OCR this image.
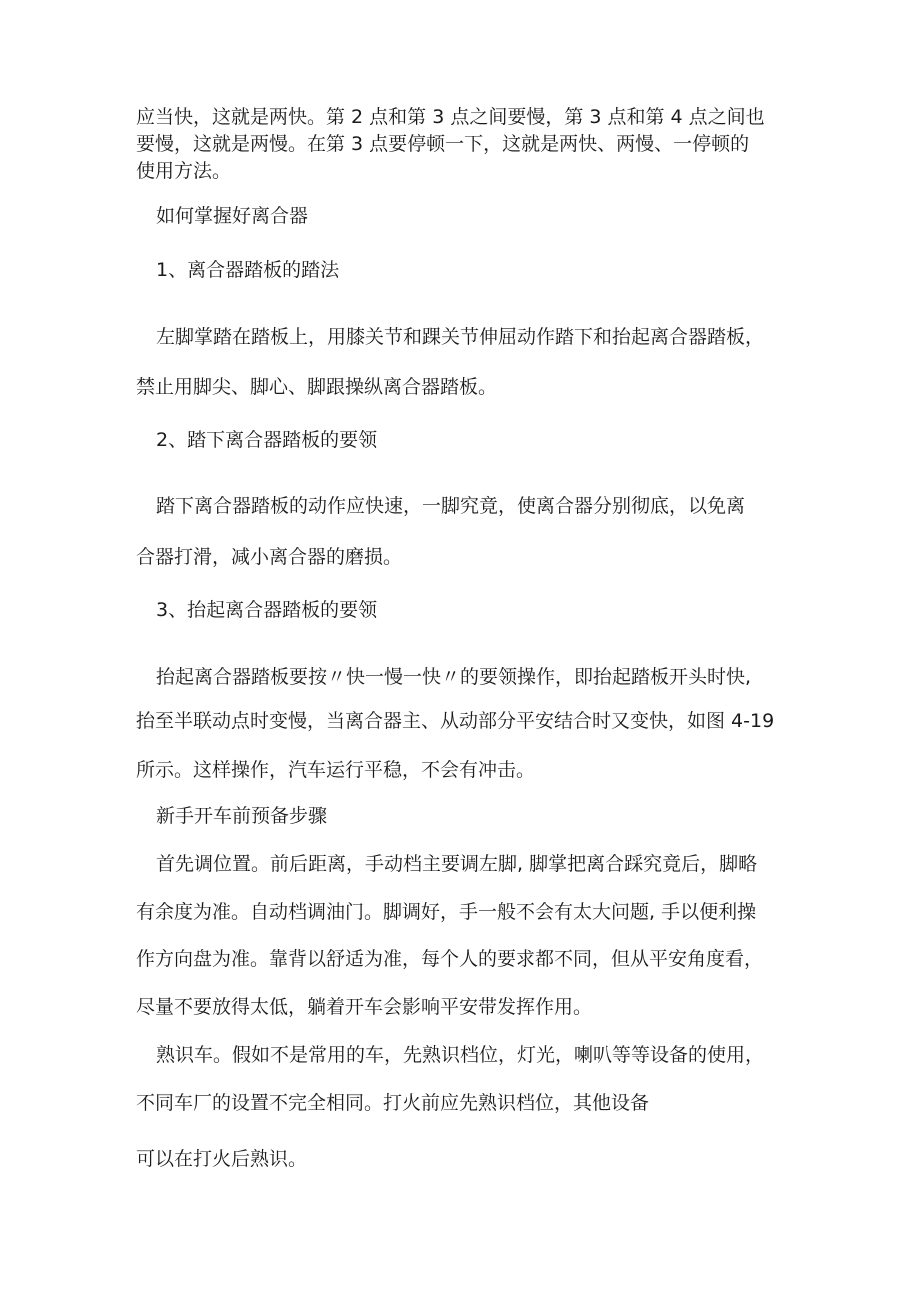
应当快，这就是两快。第 2 点和第 3 点之间要慢，第 3 点和第 4 点之间也
要慢，这就是两慢。在第 3 点要停顿一下，这就是两快、两慢、一停顿的
使用方法。
如何掌握好离合器
1、离合器踏板的踏法
左脚掌踏在踏板上，用膝关节和踝关节伸屈动作踏下和抬起离合器踏板，
禁止用脚尖、脚心、脚跟操纵离合器踏板。
2、踏下离合器踏板的要领
踏下离合器踏板的动作应快速，一脚究竟，使离合器分别彻底，以免离
合器打滑，减小离合器的磨损。
3、抬起离合器踏板的要领
抬起离合器踏板要按〃快一慢一快〃的要领操作，即抬起踏板开头时快,
抬至半联动点时变慢，当离合器主、从动部分平安结合时又变快，如图 4-19
所示。这样操作，汽车运行平稳，不会有冲击。
新手开车前预备步骤
首先调位置。前后距离，手动档主要调左脚, 脚掌把离合踩究竟后，脚略
有余度为准。自动档调油门。脚调好，手一般不会有太大问题, 手以便利操
作方向盘为准。靠背以舒适为准，每个人的要求都不同，但从平安角度看，
尽量不要放得太低，躺着开车会影响平安带发挥作用。
熟识车。假如不是常用的车，先熟识档位，灯光，喇叭等等设备的使用，
不同车厂的设置不完全相同。打火前应先熟识档位，其他设备
可以在打火后熟识。
